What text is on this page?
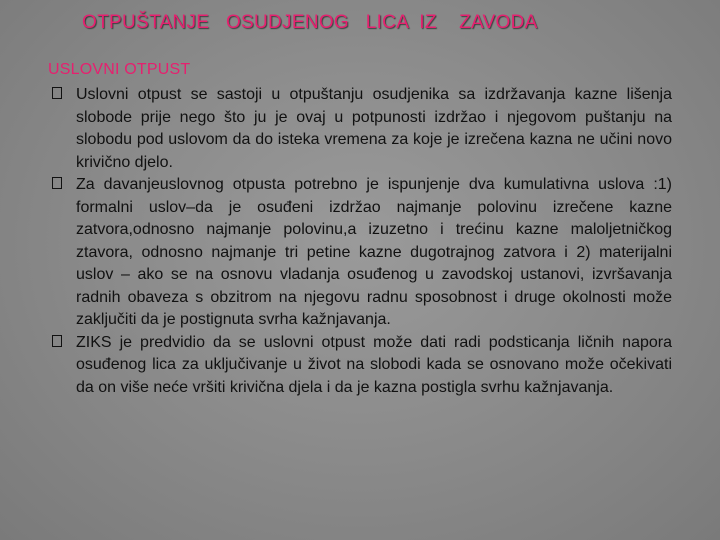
OTPUŠTANJE   OSUDJENOG   LICA  IZ    ZAVODA
USLOVNI OTPUST
Uslovni otpust se sastoji u otpuštanju osudjenika sa izdržavanja kazne lišenja slobode prije nego što ju je ovaj u potpunosti izdržao i njegovom puštanju na slobodu pod uslovom da do isteka vremena za koje je izrečena kazna ne učini novo krivično djelo.
Za davanjeuslovnog otpusta potrebno je ispunjenje dva kumulativna uslova :1) formalni uslov–da je osuđeni izdržao najmanje polovinu izrečene kazne zatvora,odnosno najmanje polovinu,a izuzetno i trećinu kazne maloljetničkog ztavora, odnosno najmanje tri petine kazne dugotrajnog zatvora i 2) materijalni uslov – ako se na osnovu vladanja osuđenog u zavodskoj ustanovi, izvršavanja radnih obaveza s obzitrom na njegovu radnu sposobnost i druge okolnosti može zaključiti da je postignuta svrha kažnjavanja.
ZIKS je predvidio da se uslovni otpust može dati radi podsticanja ličnih napora osuđenog lica za uključivanje u život na slobodi kada se osnovano može očekivati da on više neće vršiti krivična djela i da je kazna postigla svrhu kažnjavanja.
